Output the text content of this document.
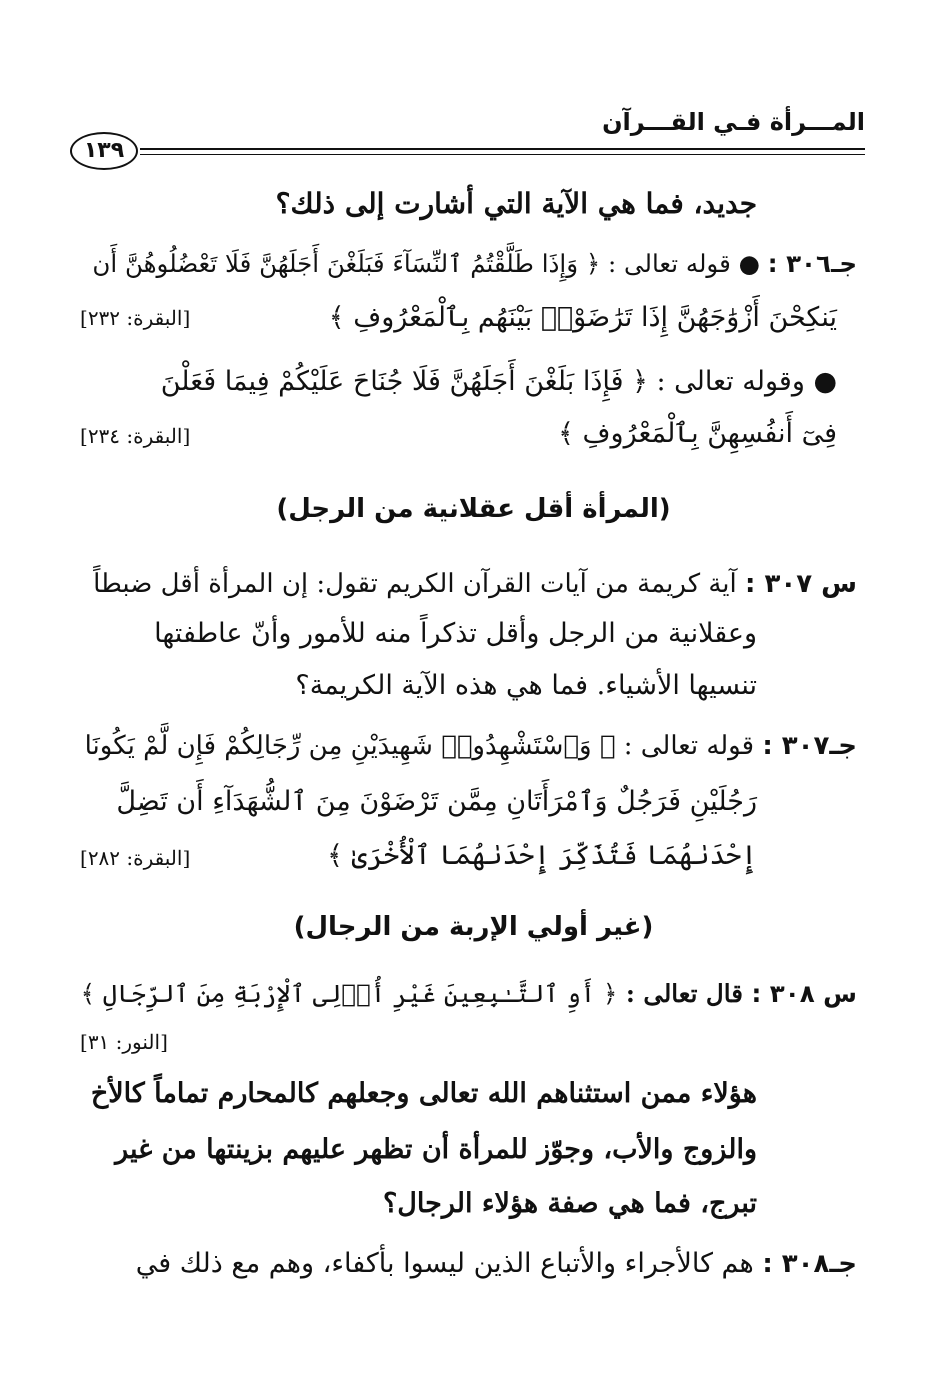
المـــرأة فـي القـــرآن
١٣٩
جديد، فما هي الآية التي أشارت إلى ذلك؟
جـ٣٠٦ : ● قوله تعالى : ﴿ وَإِذَا طَلَّقْتُمُ ٱلنِّسَآءَ فَبَلَغْنَ أَجَلَهُنَّ فَلَا تَعْضُلُوهُنَّ أَن
يَنكِحْنَ أَزْوَٰجَهُنَّ إِذَا تَرَٰضَوْا۟ بَيْنَهُم بِٱلْمَعْرُوفِ ﴾
[البقرة: ٢٣٢]
● وقوله تعالى : ﴿ فَإِذَا بَلَغْنَ أَجَلَهُنَّ فَلَا جُنَاحَ عَلَيْكُمْ فِيمَا فَعَلْنَ
فِىٓ أَنفُسِهِنَّ بِٱلْمَعْرُوفِ ﴾
[البقرة: ٢٣٤]
(المرأة أقل عقلانية من الرجل)
س ٣٠٧ : آية كريمة من آيات القرآن الكريم تقول: إن المرأة أقل ضبطاً
وعقلانية من الرجل وأقل تذكراً منه للأمور وأنّ عاطفتها
تنسيها الأشياء. فما هي هذه الآية الكريمة؟
جـ٣٠٧ : قوله تعالى : ﴿ وَٱسْتَشْهِدُوا۟ شَهِيدَيْنِ مِن رِّجَالِكُمْ فَإِن لَّمْ يَكُونَا
رَجُلَيْنِ فَرَجُلٌ وَٱمْرَأَتَانِ مِمَّن تَرْضَوْنَ مِنَ ٱلشُّهَدَآءِ أَن تَضِلَّ
إِحْدَىٰهُمَا فَتُذَكِّرَ إِحْدَىٰهُمَا ٱلْأُخْرَىٰ ﴾
[البقرة: ٢٨٢]
(غير أولي الإربة من الرجال)
س ٣٠٨ : قال تعالى : ﴿ أَوِ ٱلتَّـٰبِعِينَ غَيْرِ أُو۟لِى ٱلْإِرْبَةِ مِنَ ٱلرِّجَالِ ﴾
[النور: ٣١]
هؤلاء ممن استثناهم الله تعالى وجعلهم كالمحارم تماماً كالأخ
والزوج والأب، وجوّز للمرأة أن تظهر عليهم بزينتها من غير
تبرج، فما هي صفة هؤلاء الرجال؟
جـ٣٠٨ : هم كالأجراء والأتباع الذين ليسوا بأكفاء، وهم مع ذلك في
